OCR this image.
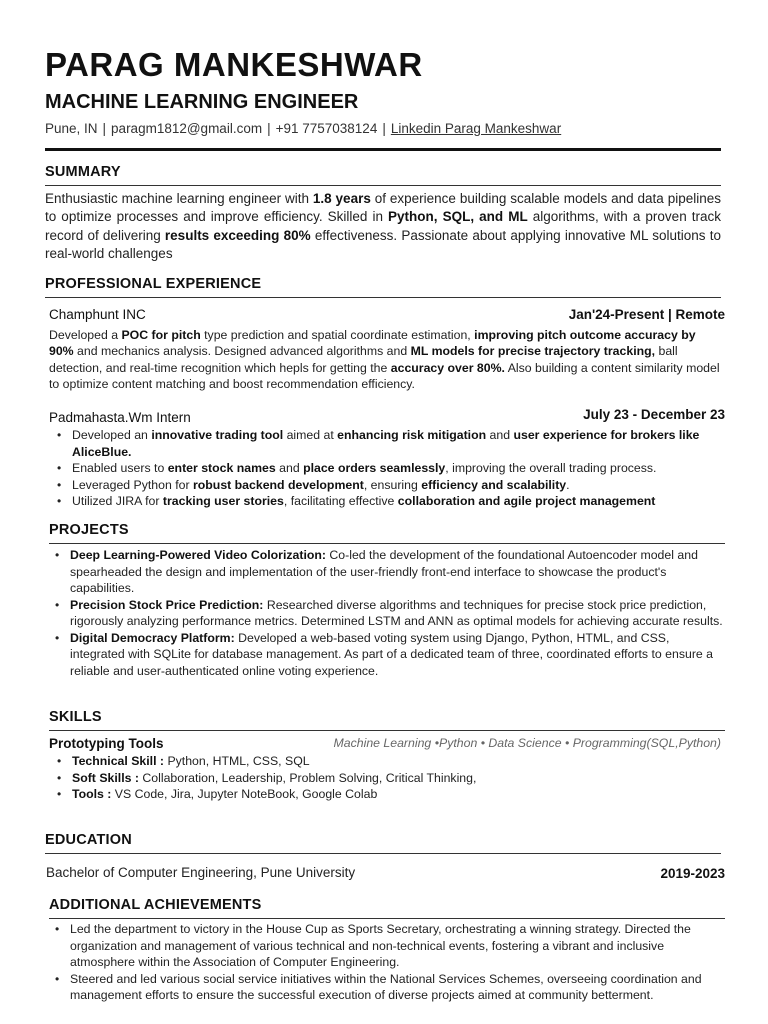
PARAG MANKESHWAR
MACHINE LEARNING ENGINEER
Pune, IN | paragm1812@gmail.com | +91 7757038124 | Linkedin Parag Mankeshwar
SUMMARY
Enthusiastic machine learning engineer with 1.8 years of experience building scalable models and data pipelines to optimize processes and improve efficiency. Skilled in Python, SQL, and ML algorithms, with a proven track record of delivering results exceeding 80% effectiveness. Passionate about applying innovative ML solutions to real-world challenges
PROFESSIONAL EXPERIENCE
Champhunt INC	Jan'24-Present | Remote
Developed a POC for pitch type prediction and spatial coordinate estimation, improving pitch outcome accuracy by 90% and mechanics analysis. Designed advanced algorithms and ML models for precise trajectory tracking, ball detection, and real-time recognition which hepls for getting the accuracy over 80%. Also building a content similarity model to optimize content matching and boost recommendation efficiency.
Padmahasta.Wm Intern	July 23 - December 23
• Developed an innovative trading tool aimed at enhancing risk mitigation and user experience for brokers like AliceBlue.
• Enabled users to enter stock names and place orders seamlessly, improving the overall trading process.
• Leveraged Python for robust backend development, ensuring efficiency and scalability.
• Utilized JIRA for tracking user stories, facilitating effective collaboration and agile project management
PROJECTS
• Deep Learning-Powered Video Colorization: Co-led the development of the foundational Autoencoder model and spearheaded the design and implementation of the user-friendly front-end interface to showcase the product's capabilities.
• Precision Stock Price Prediction: Researched diverse algorithms and techniques for precise stock price prediction, rigorously analyzing performance metrics. Determined LSTM and ANN as optimal models for achieving accurate results.
• Digital Democracy Platform: Developed a web-based voting system using Django, Python, HTML, and CSS, integrated with SQLite for database management. As part of a dedicated team of three, coordinated efforts to ensure a reliable and user-authenticated online voting experience.
SKILLS
Prototyping Tools	Machine Learning •Python • Data Science • Programming(SQL,Python)
• Technical Skill : Python, HTML, CSS, SQL
• Soft Skills : Collaboration, Leadership, Problem Solving, Critical Thinking,
• Tools : VS Code, Jira, Jupyter NoteBook, Google Colab
EDUCATION
Bachelor of Computer Engineering, Pune University	2019-2023
ADDITIONAL ACHIEVEMENTS
• Led the department to victory in the House Cup as Sports Secretary, orchestrating a winning strategy. Directed the organization and management of various technical and non-technical events, fostering a vibrant and inclusive atmosphere within the Association of Computer Engineering.
• Steered and led various social service initiatives within the National Services Schemes, overseeing coordination and management efforts to ensure the successful execution of diverse projects aimed at community betterment.
